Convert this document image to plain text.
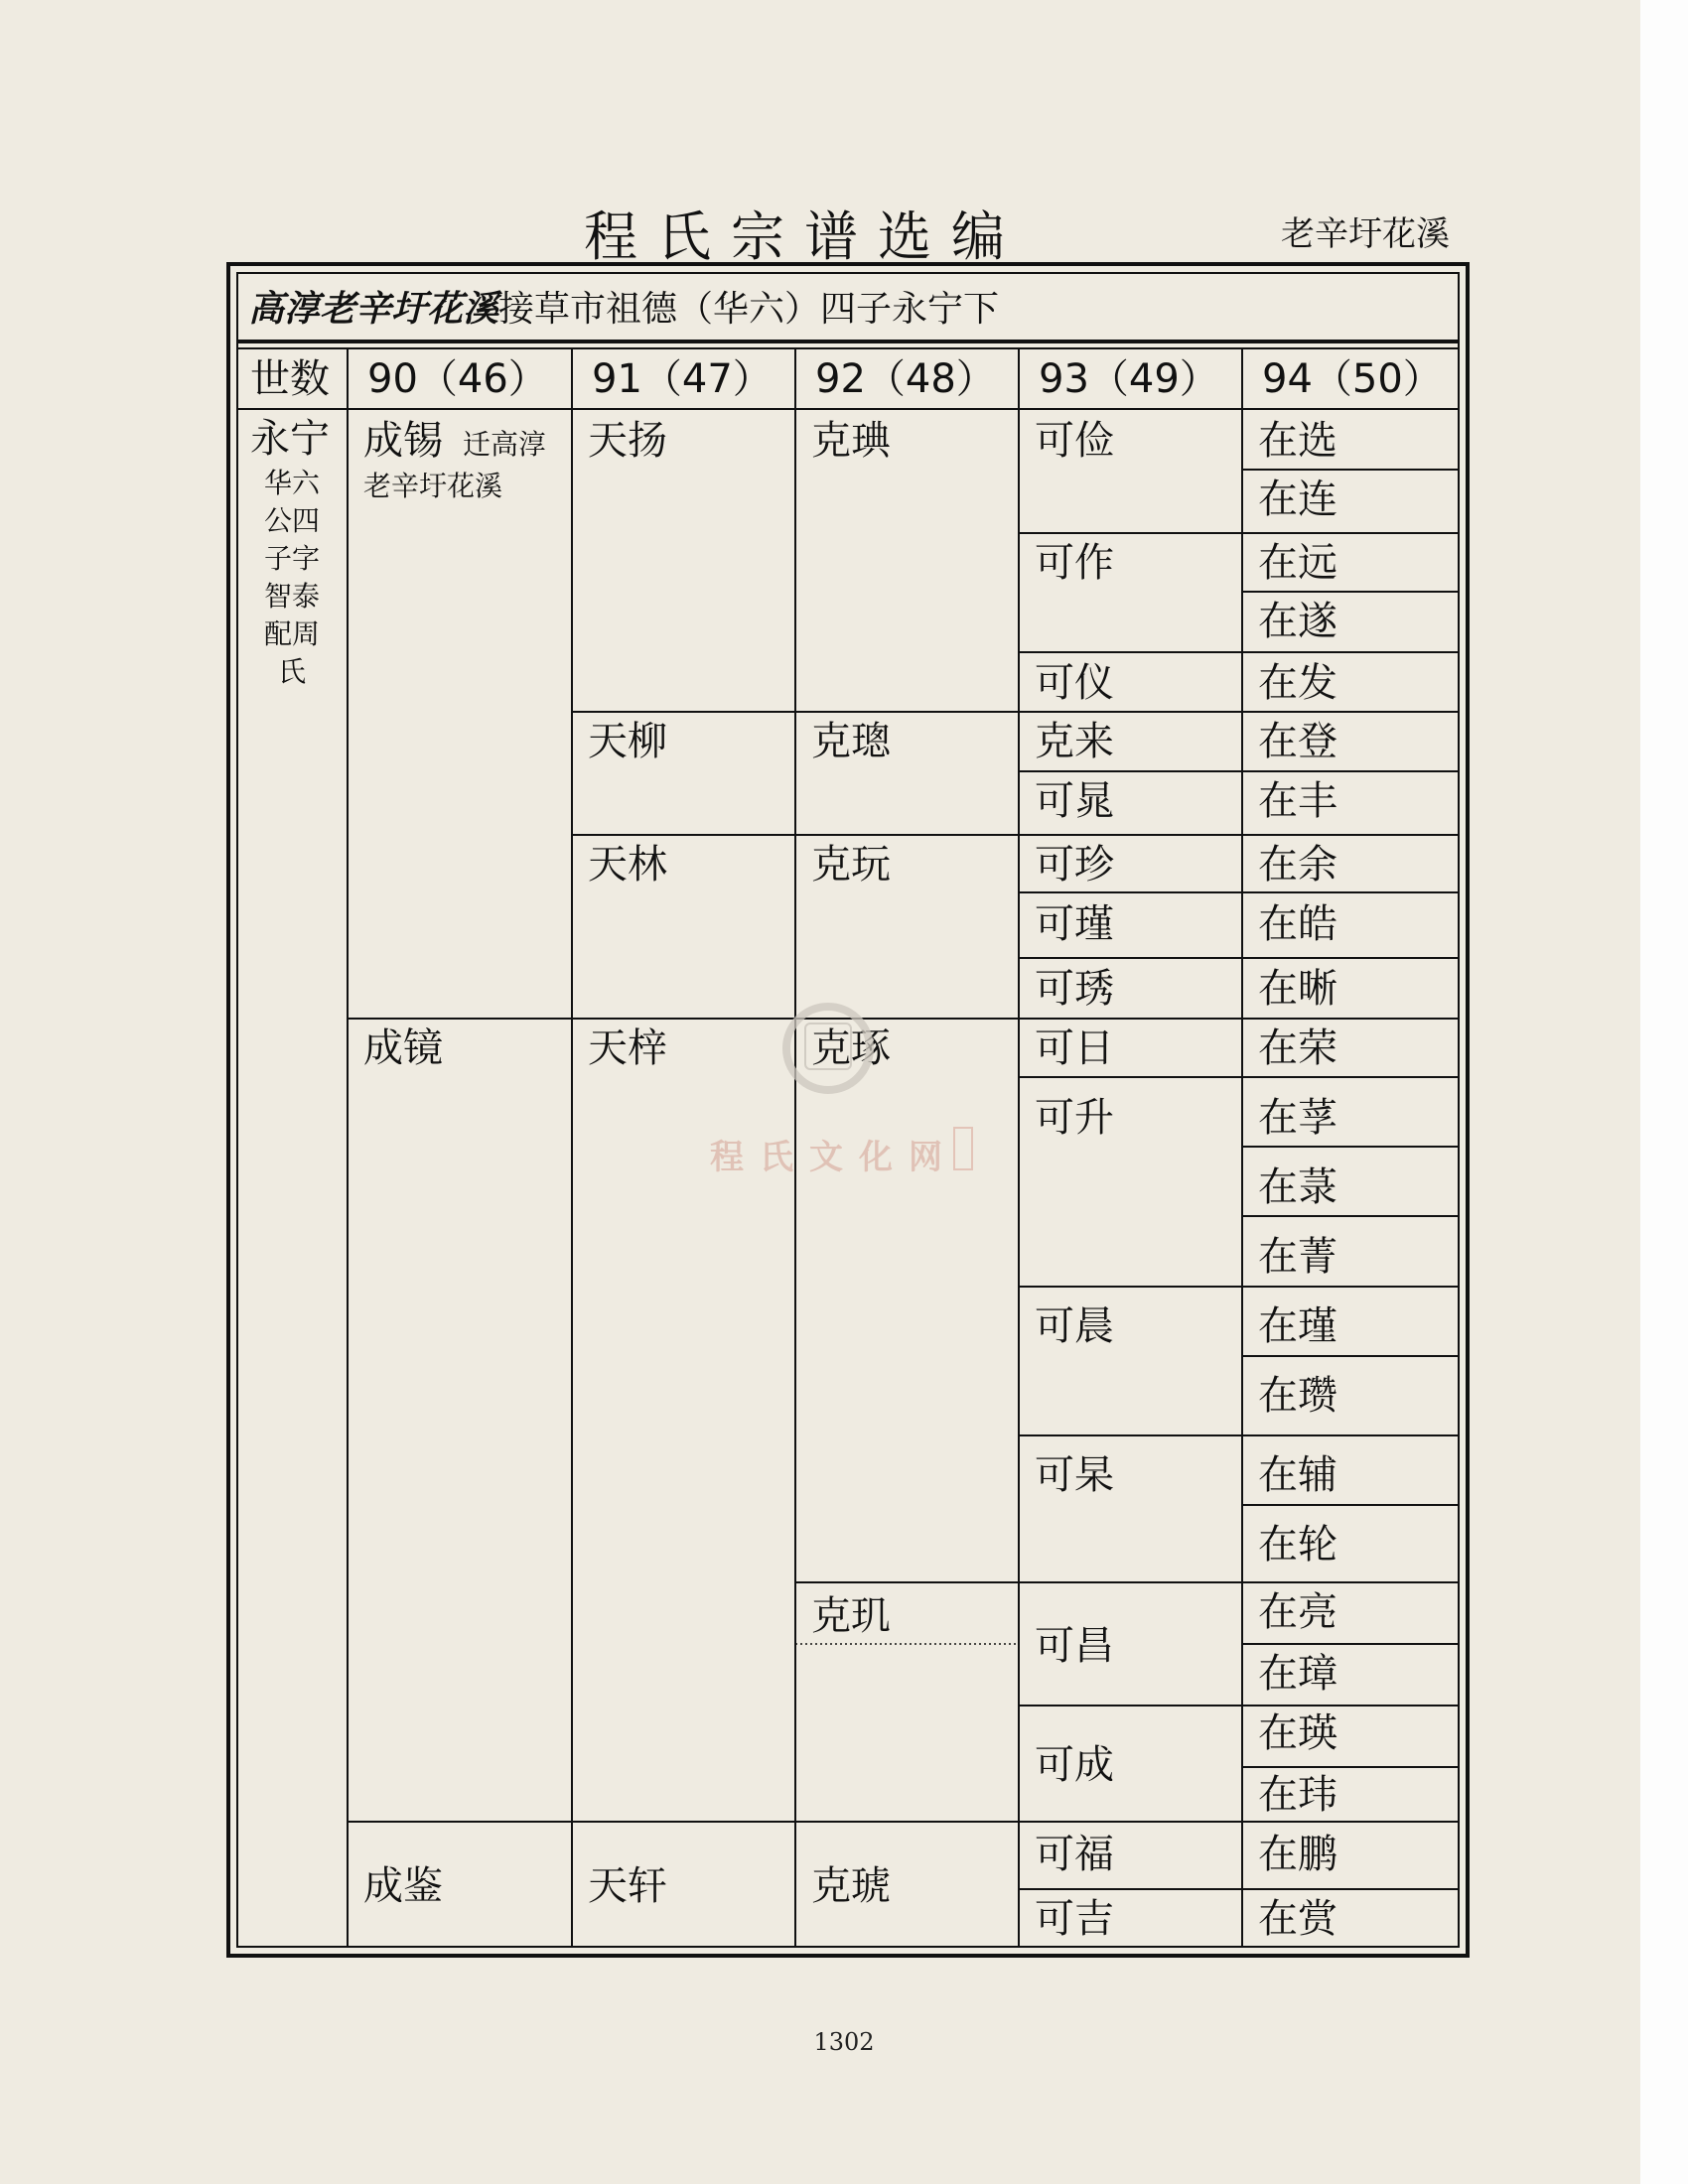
程氏宗谱选编	老辛圩花溪
高淳老辛圩花溪接草市祖德（华六）四子永宁下
世数 90（46） 91（47） 92（48） 93（49） 94（50）
永宁
华六公四子字智泰配周氏
成锡 迁高淳
老辛圩花溪
成镜
成鉴
天扬
天柳
天林
天梓
天轩
克琠
克璁
克玩
克琢
克玑
克琥
可俭
可作
可仪
克来
可晁
可珍
可瑾
可琇
可日
可升
可晨
可杲
可昌
可成
可福
可吉
在选
在连
在远
在遂
在发
在登
在丰
在余
在皓
在晰
在荣
在莩
在菉
在菁
在瑾
在瓒
在辅
在轮
在亮
在璋
在瑛
在玮
在鹏
在赏
程氏文化网
1302
